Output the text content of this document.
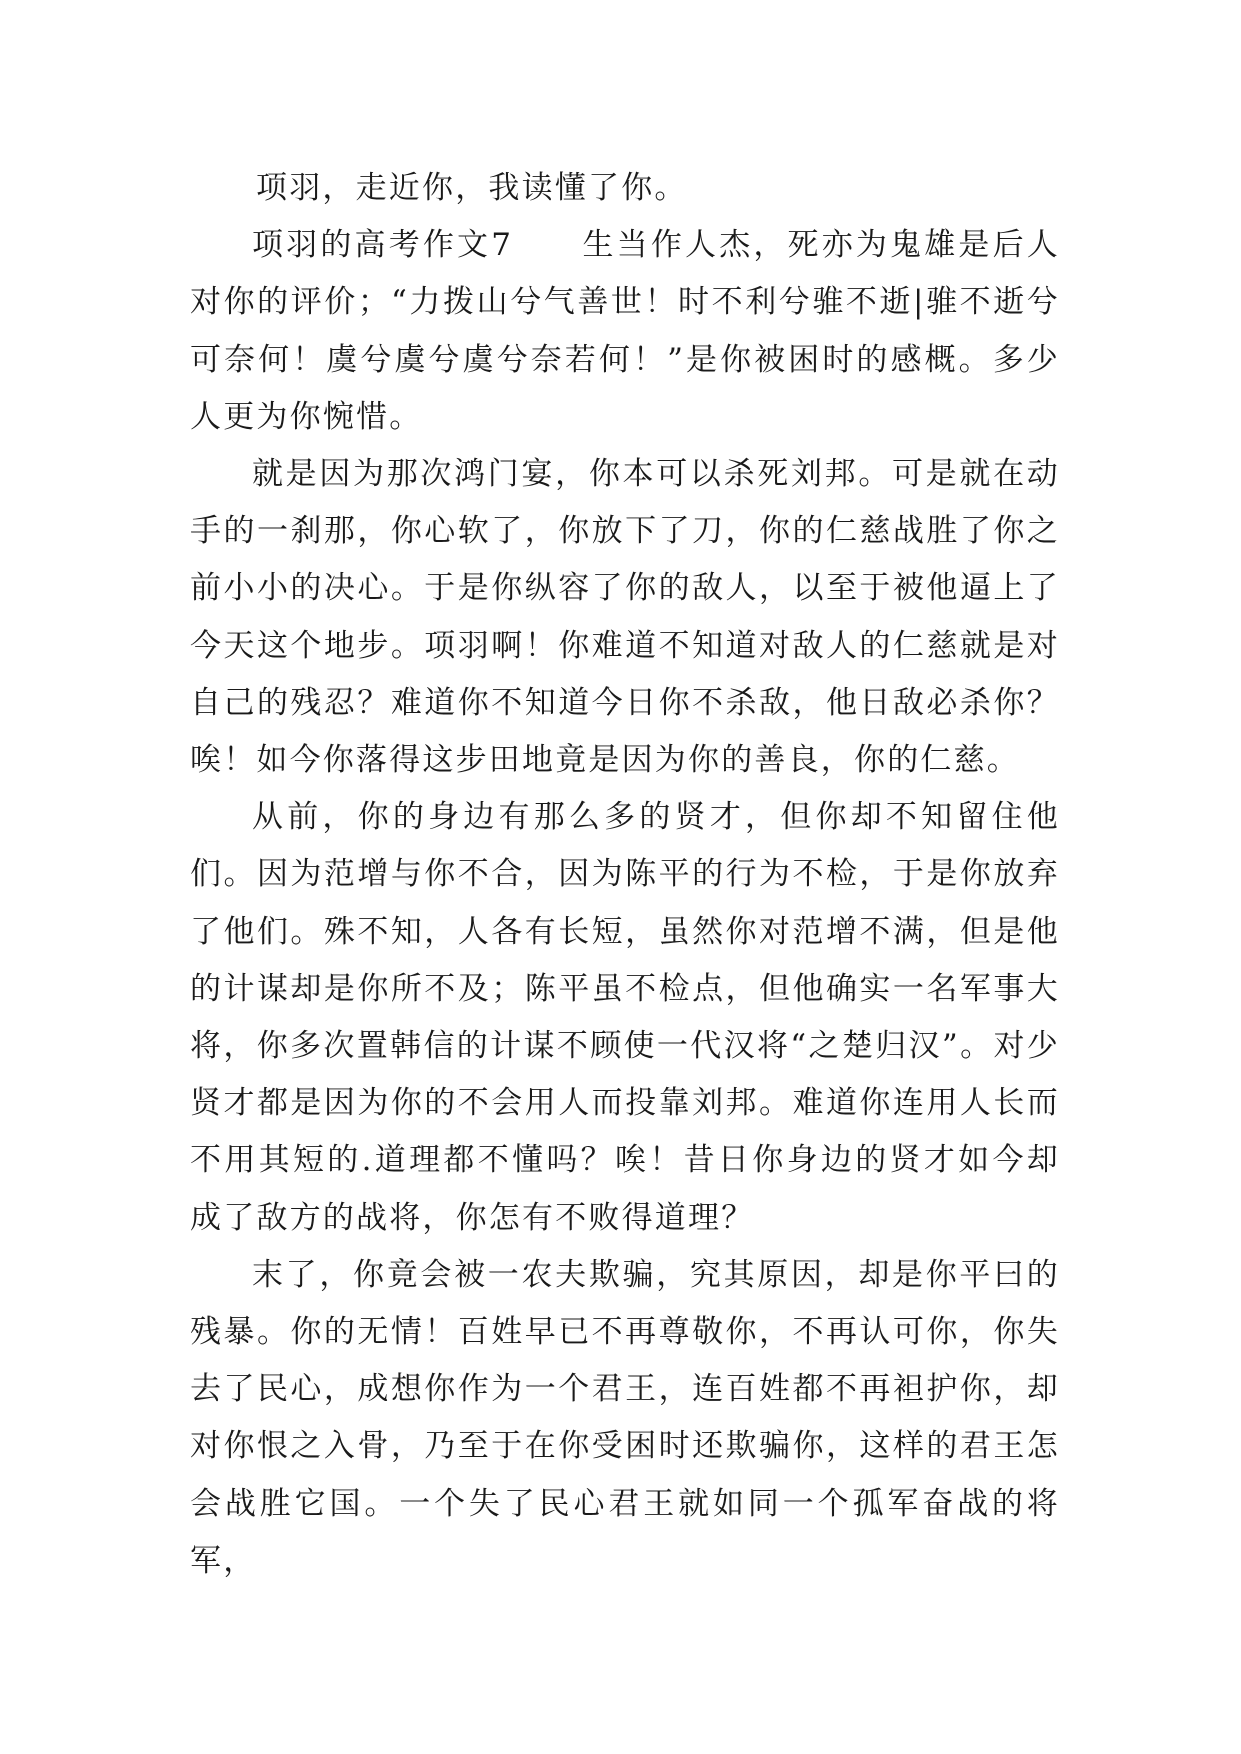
项羽，走近你，我读懂了你。

项羽的高考作文7　　生当作人杰，死亦为鬼雄是后人对你的评价；“力拨山兮气善世！时不利兮骓不逝|骓不逝兮可奈何！虞兮虞兮虞兮奈若何！”是你被困时的感概。多少人更为你惋惜。

就是因为那次鸿门宴，你本可以杀死刘邦。可是就在动手的一刹那，你心软了，你放下了刀，你的仁慈战胜了你之前小小的决心。于是你纵容了你的敌人，以至于被他逼上了今天这个地步。项羽啊！你难道不知道对敌人的仁慈就是对自己的残忍？难道你不知道今日你不杀敌，他日敌必杀你？唉！如今你落得这步田地竟是因为你的善良，你的仁慈。

从前，你的身边有那么多的贤才，但你却不知留住他们。因为范增与你不合，因为陈平的行为不检，于是你放弃了他们。殊不知，人各有长短，虽然你对范增不满，但是他的计谋却是你所不及；陈平虽不检点，但他确实一名军事大将，你多次置韩信的计谋不顾使一代汉将“之楚归汉”。对少贤才都是因为你的不会用人而投靠刘邦。难道你连用人长而不用其短的.道理都不懂吗？唉！昔日你身边的贤才如今却成了敌方的战将，你怎有不败得道理？

末了，你竟会被一农夫欺骗，究其原因，却是你平曰的残暴。你的无情！百姓早已不再尊敬你，不再认可你，你失去了民心，成想你作为一个君王，连百姓都不再袒护你，却对你恨之入骨，乃至于在你受困时还欺骗你，这样的君王怎会战胜它国。一个失了民心君王就如同一个孤军奋战的将军，
